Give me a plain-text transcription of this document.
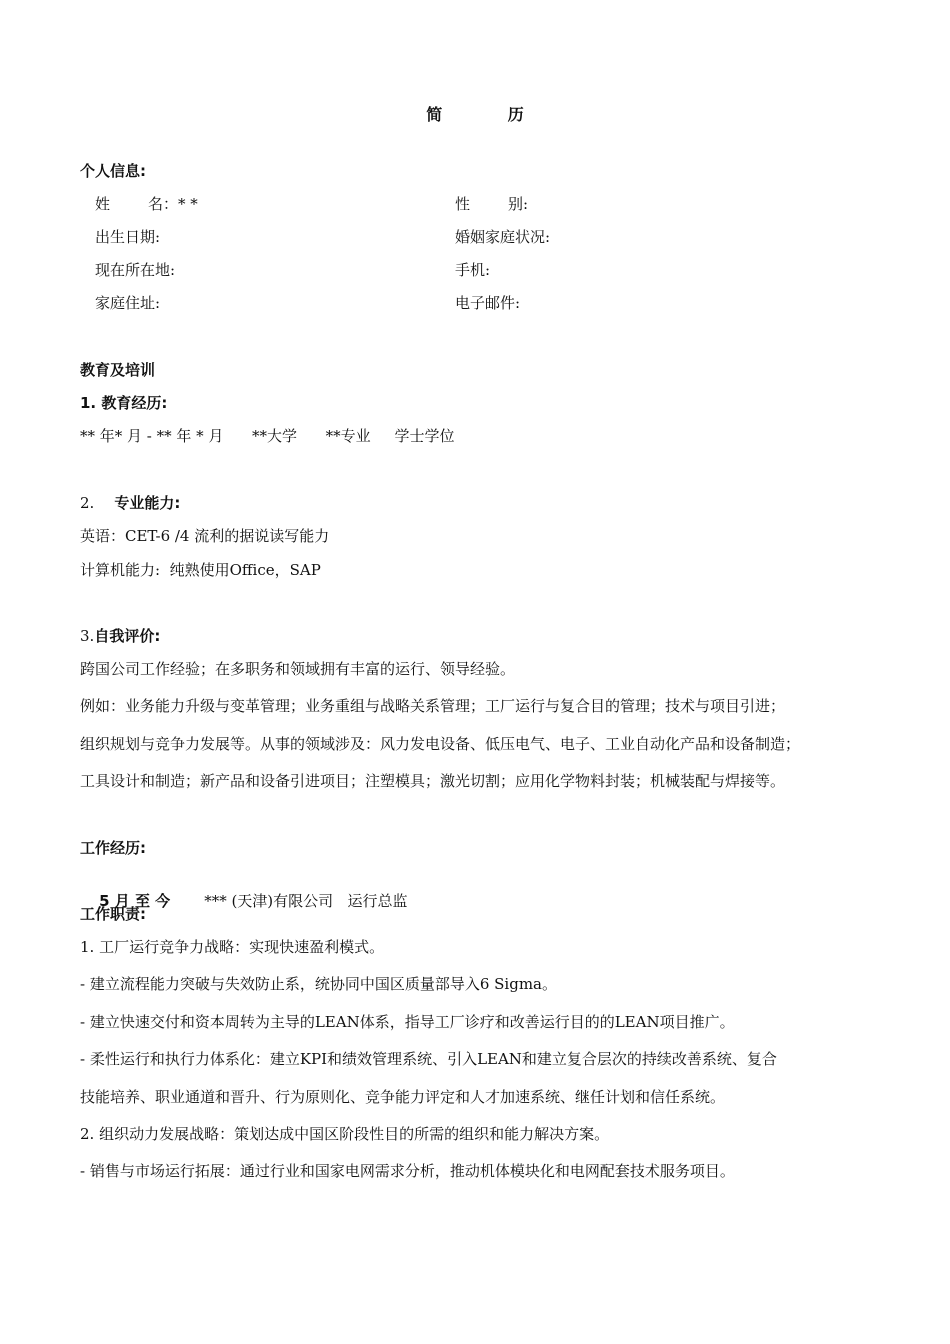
简 历
个人信息:
姓	名：* *	性	别:
出生日期:	婚姻家庭状况:
现在所在地:	手机:
家庭住址:	电子邮件:
教育及培训
1. 教育经历:
** 年* 月 - ** 年 * 月      **大学      **专业     学士学位
2. 专业能力:
英语：CET-6 /4 流利的据说读写能力
计算机能力:  纯熟使用Office，SAP
3.自我评价:
跨国公司工作经验；在多职务和领域拥有丰富的运行、领导经验。
例如：业务能力升级与变革管理；业务重组与战略关系管理；工厂运行与复合目的管理；技术与项目引进；
组织规划与竞争力发展等。从事的领域涉及：风力发电设备、低压电气、电子、工业自动化产品和设备制造；
工具设计和制造；新产品和设备引进项目；注塑模具；激光切割；应用化学物料封装；机械装配与焊接等。
工作经历:

5 月 至 今 *** (天津)有限公司   运行总监

工作职责:
1. 工厂运行竞争力战略：实现快速盈利模式。
- 建立流程能力突破与失效防止系，统协同中国区质量部导入6 Sigma。
- 建立快速交付和资本周转为主导的LEAN体系，指导工厂诊疗和改善运行目的的LEAN项目推广。
- 柔性运行和执行力体系化：建立KPI和绩效管理系统、引入LEAN和建立复合层次的持续改善系统、复合
技能培养、职业通道和晋升、行为原则化、竞争能力评定和人才加速系统、继任计划和信任系统。
2. 组织动力发展战略：策划达成中国区阶段性目的所需的组织和能力解决方案。
- 销售与市场运行拓展：通过行业和国家电网需求分析，推动机体模块化和电网配套技术服务项目。
